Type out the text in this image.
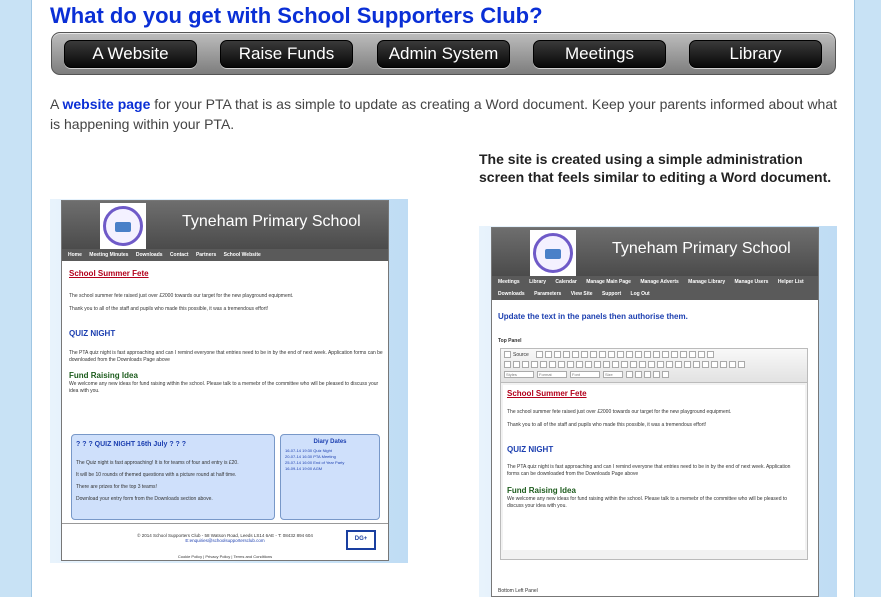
What do you get with School Supporters Club?
A Website	Raise Funds	Admin System	Meetings	Library
A website page for your PTA that is as simple to update as creating a Word document. Keep your parents informed about what is happening within your PTA.
The site is created using a simple administration screen that feels similar to editing a Word document.
Tyneham Primary School
Home Meeting Minutes Downloads Contact Partners School Website
School Summer Fete
The school summer fete raised just over £2000 towards our target for the new playground equipment.
Thank you to all of the staff and pupils who made this possible, it was a tremendous effort!
QUIZ NIGHT
The PTA quiz night is fast approaching and can I remind everyone that entries need to be in by the end of next week. Application forms can be downloaded from the Downloads Page above
Fund Raising Idea
We welcome any new ideas for fund raising within the school. Please talk to a memebr of the committee who will be pleased to discuss your idea with you.
? ? ? QUIZ NIGHT 16th July ? ? ?
The Quiz night is fast approaching! It is for teams of four and entry is £20.
It will be 10 rounds of themed questions with a picture round at half time.
There are prizes for the top 3 teams!
Download your entry form from the Downloads section above.
Diary Dates
16-07-14 19:30 Quiz Night
20-07-14 16:30 PTA Meeting
25-07-14 16:00 End of Year Party
16-09-14 19:00 AGM
© 2014 School Supporters Club - 58 Watson Road, Leeds LS14 6AE - T: 08432 894 604
E:enquiries@schoolsupportersclub.com	DG+
Cookie Policy | Privacy Policy | Terms and Conditions
Tyneham Primary School
Meetings Library Calendar Manage Main Page Manage Adverts Manage Library Manage Users Helper List
Downloads Parameters View Site Support Log Out
Update the text in the panels then authorise them.
Top Panel
Source
Styles	Format	Font	Size
School Summer Fete
The school summer fete raised just over £2000 towards our target for the new playground equipment.
Thank you to all of the staff and pupils who made this possible, it was a tremendous effort!
QUIZ NIGHT
The PTA quiz night is fast approaching and can I remind everyone that entries need to be in by the end of next week. Application forms can be downloaded from the Downloads Page above
Fund Raising Idea
We welcome any new ideas for fund raising within the school. Please talk to a memebr of the committee who will be pleased to discuss your idea with you.
Bottom Left Panel
